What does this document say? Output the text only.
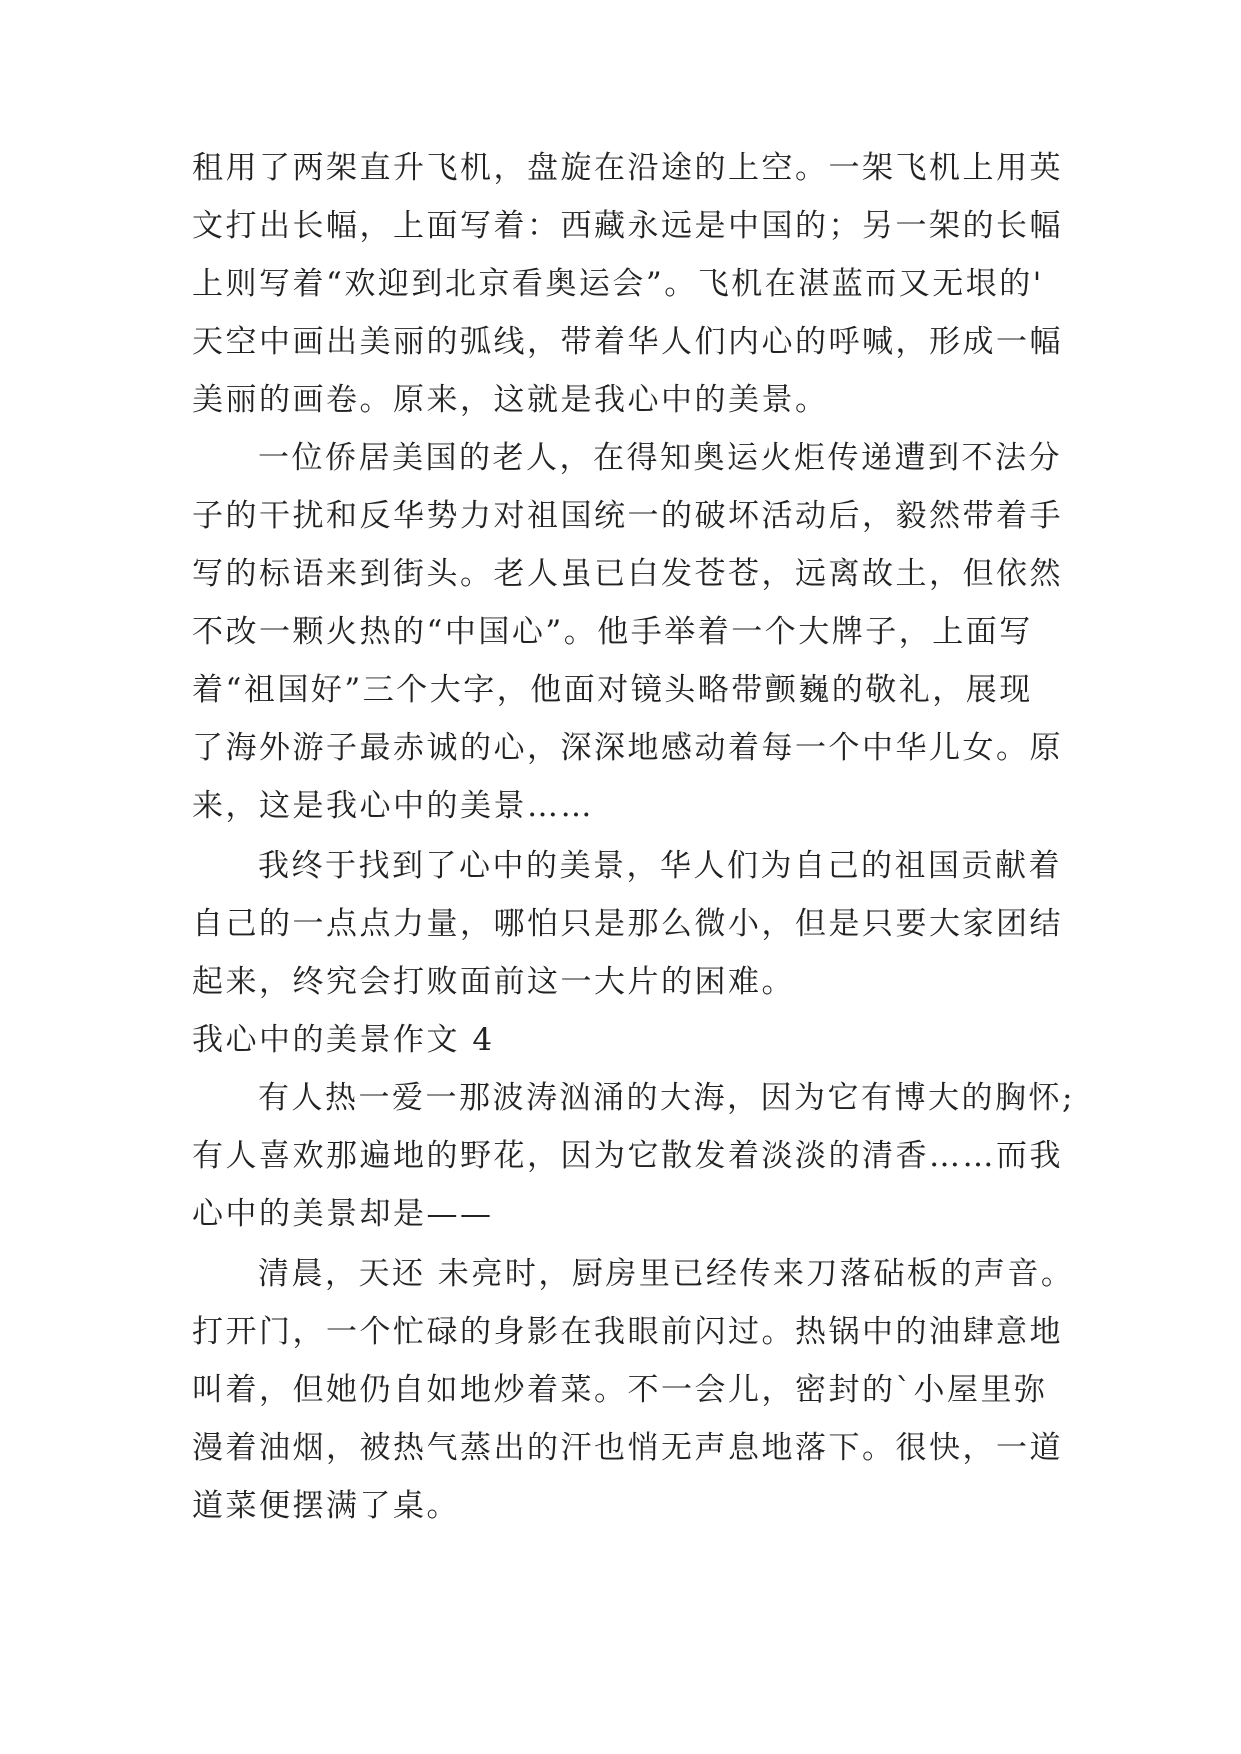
租用了两架直升飞机，盘旋在沿途的上空。一架飞机上用英
文打出长幅，上面写着：西藏永远是中国的；另一架的长幅
上则写着“欢迎到北京看奥运会”。飞机在湛蓝而又无垠的'
天空中画出美丽的弧线，带着华人们内心的呼喊，形成一幅
美丽的画卷。原来，这就是我心中的美景。
一位侨居美国的老人，在得知奥运火炬传递遭到不法分
子的干扰和反华势力对祖国统一的破坏活动后，毅然带着手
写的标语来到街头。老人虽已白发苍苍，远离故土，但依然
不改一颗火热的“中国心”。他手举着一个大牌子，上面写
着“祖国好”三个大字，他面对镜头略带颤巍的敬礼，展现
了海外游子最赤诚的心，深深地感动着每一个中华儿女。原
来，这是我心中的美景……
我终于找到了心中的美景，华人们为自己的祖国贡献着
自己的一点点力量，哪怕只是那么微小，但是只要大家团结
起来，终究会打败面前这一大片的困难。
我心中的美景作文 4
有人热一爱一那波涛汹涌的大海，因为它有博大的胸怀;
有人喜欢那遍地的野花，因为它散发着淡淡的清香……而我
心中的美景却是——
清晨，天还 未亮时，厨房里已经传来刀落砧板的声音。
打开门，一个忙碌的身影在我眼前闪过。热锅中的油肆意地
叫着，但她仍自如地炒着菜。不一会儿，密封的`小屋里弥
漫着油烟，被热气蒸出的汗也悄无声息地落下。很快，一道
道菜便摆满了桌。
